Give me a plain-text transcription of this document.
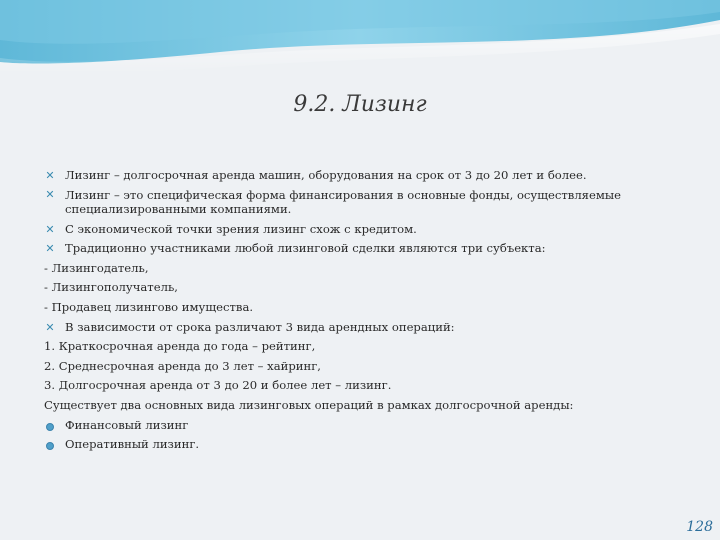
9.2. Лизинг
✕ Лизинг – долгосрочная аренда машин, оборудования на срок от 3 до 20 лет и более.
✕ Лизинг – это специфическая форма финансирования в основные фонды, осуществляемые специализированными компаниями.
✕ С экономической точки зрения лизинг схож с кредитом.
✕ Традиционно участниками любой лизинговой сделки являются три субъекта:
- Лизингодатель,
- Лизингополучатель,
- Продавец лизингово имущества.
✕ В зависимости от срока различают 3 вида арендных операций:
1. Краткосрочная аренда до года – рейтинг,
2. Среднесрочная аренда до 3 лет – хайринг,
3. Долгосрочная аренда от 3 до 20 и более лет – лизинг.
Существует два основных вида лизинговых операций в рамках долгосрочной аренды:
Финансовый лизинг
Оперативный лизинг.
128
